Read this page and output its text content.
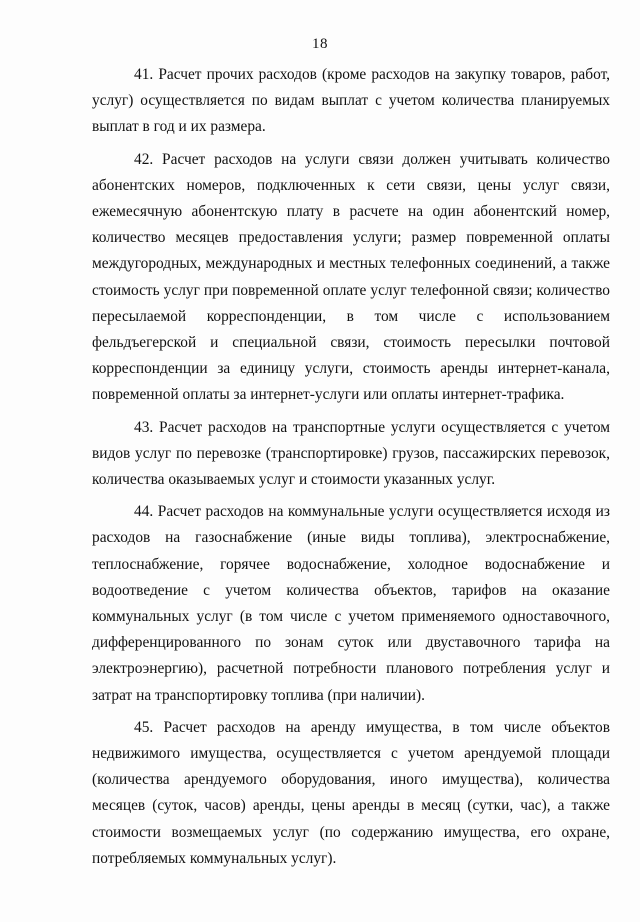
18

41. Расчет прочих расходов (кроме расходов на закупку товаров, работ, услуг) осуществляется по видам выплат с учетом количества планируемых выплат в год и их размера.

42. Расчет расходов на услуги связи должен учитывать количество абонентских номеров, подключенных к сети связи, цены услуг связи, ежемесячную абонентскую плату в расчете на один абонентский номер, количество месяцев предоставления услуги; размер повременной оплаты междугородных, международных и местных телефонных соединений, а также стоимость услуг при повременной оплате услуг телефонной связи; количество пересылаемой корреспонденции, в том числе с использованием фельдъегерской и специальной связи, стоимость пересылки почтовой корреспонденции за единицу услуги, стоимость аренды интернет-канала, повременной оплаты за интернет-услуги или оплаты интернет-трафика.

43. Расчет расходов на транспортные услуги осуществляется с учетом видов услуг по перевозке (транспортировке) грузов, пассажирских перевозок, количества оказываемых услуг и стоимости указанных услуг.

44. Расчет расходов на коммунальные услуги осуществляется исходя из расходов на газоснабжение (иные виды топлива), электроснабжение, теплоснабжение, горячее водоснабжение, холодное водоснабжение и водоотведение с учетом количества объектов, тарифов на оказание коммунальных услуг (в том числе с учетом применяемого одноставочного, дифференцированного по зонам суток или двуставочного тарифа на электроэнергию), расчетной потребности планового потребления услуг и затрат на транспортировку топлива (при наличии).

45. Расчет расходов на аренду имущества, в том числе объектов недвижимого имущества, осуществляется с учетом арендуемой площади (количества арендуемого оборудования, иного имущества), количества месяцев (суток, часов) аренды, цены аренды в месяц (сутки, час), а также стоимости возмещаемых услуг (по содержанию имущества, его охране, потребляемых коммунальных услуг).
